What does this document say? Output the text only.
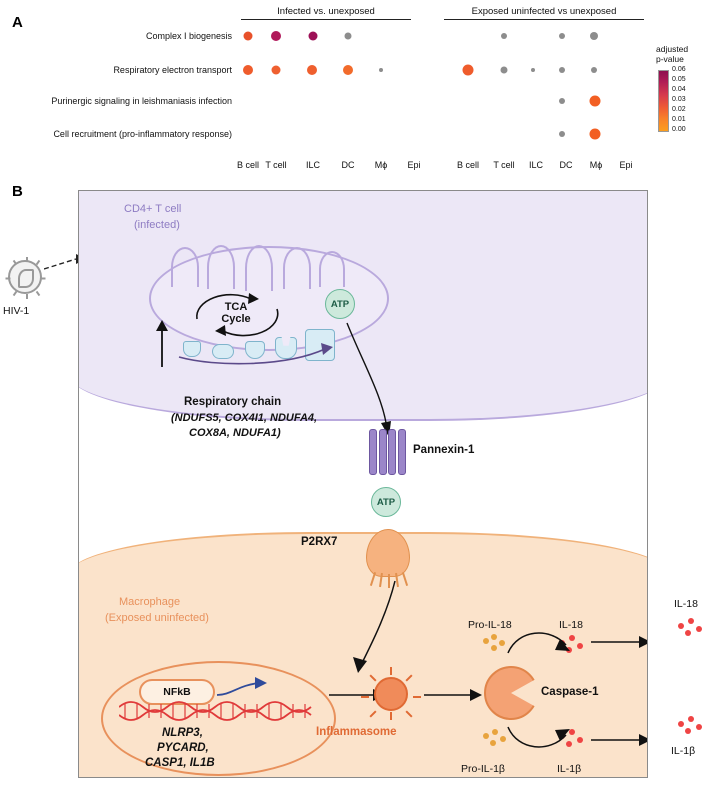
A
Infected vs. unexposed	Exposed uninfected vs unexposed
Complex I biogenesis
Respiratory electron transport
Purinergic signaling in leishmaniasis infection
Cell recruitment (pro-inflammatory response)
B cell T cell	ILC	DC	Mϕ	Epi	B cell	T cell	ILC	DC	Mϕ	Epi
adjusted
p-value
0.06
0.05
0.04
0.03
0.02
0.01
0.00
B
HIV-1
CD4+ T cell
(infected)
Macrophage
(Exposed uninfected)
TCA
Cycle
ATP
Respiratory chain
(NDUFS5, COX4I1, NDUFA4,
COX8A, NDUFA1)
Pannexin-1
ATP
P2RX7
NFkB
NLRP3,
PYCARD,
CASP1, IL1B
Inflammasome
Caspase-1
Pro-IL-18	IL-18
Pro-IL-1β	IL-1β
IL-18
IL-1β
